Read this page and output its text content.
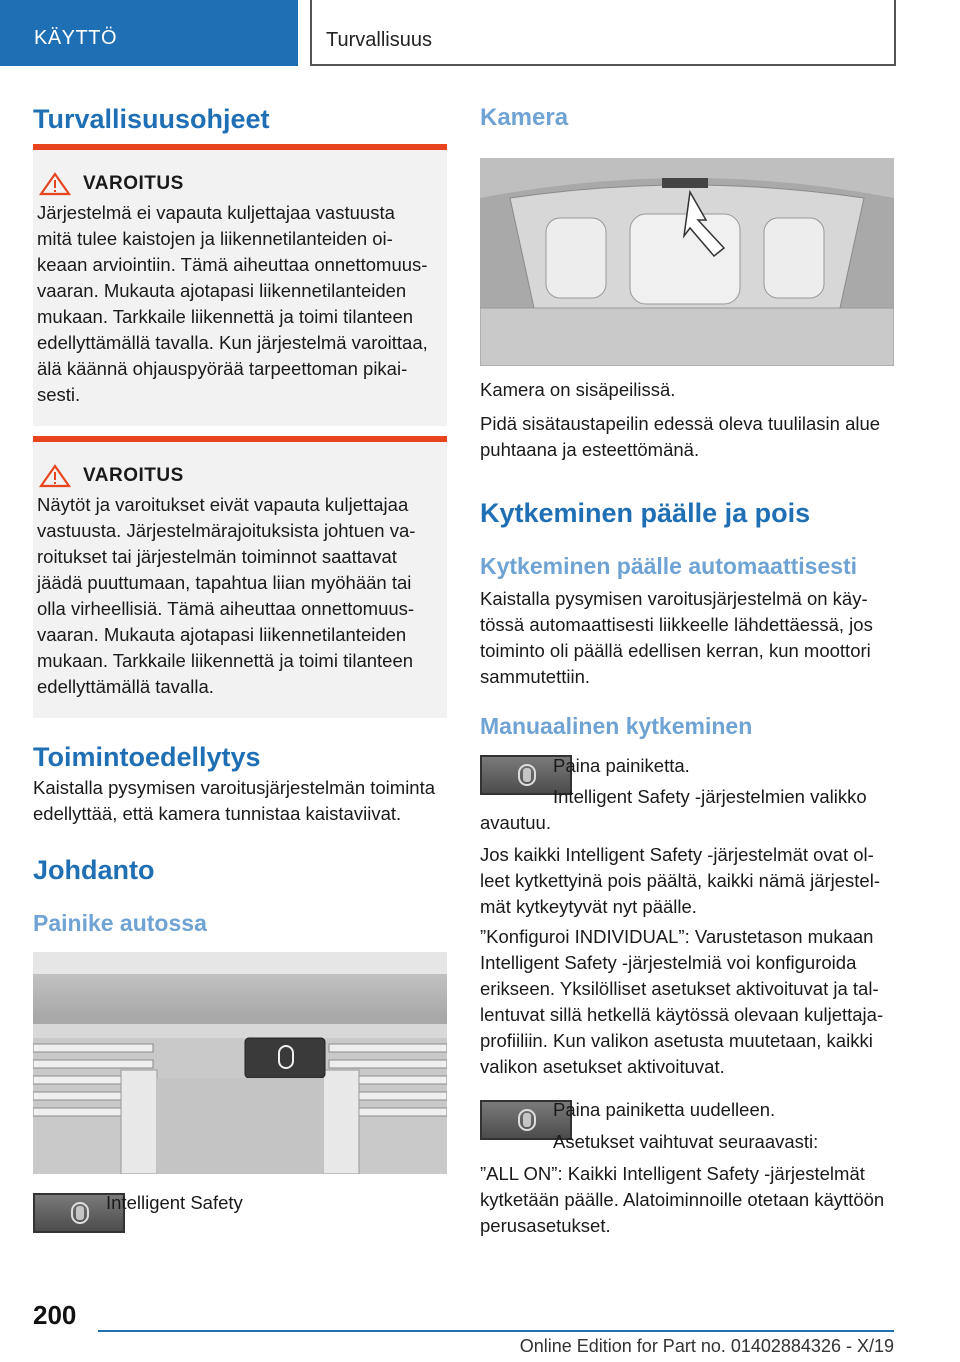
KÄYTTÖ	Turvallisuus
Turvallisuusohjeet
VAROITUS
Järjestelmä ei vapauta kuljettajaa vastuusta
mitä tulee kaistojen ja liikennetilanteiden oi-
keaan arviointiin. Tämä aiheuttaa onnettomuus-
vaaran. Mukauta ajotapasi liikennetilanteiden
mukaan. Tarkkaile liikennettä ja toimi tilanteen
edellyttämällä tavalla. Kun järjestelmä varoittaa,
älä käännä ohjauspyörää tarpeettoman pikai-
sesti.
VAROITUS
Näytöt ja varoitukset eivät vapauta kuljettajaa
vastuusta. Järjestelmärajoituksista johtuen va-
roitukset tai järjestelmän toiminnot saattavat
jäädä puuttumaan, tapahtua liian myöhään tai
olla virheellisiä. Tämä aiheuttaa onnettomuus-
vaaran. Mukauta ajotapasi liikennetilanteiden
mukaan. Tarkkaile liikennettä ja toimi tilanteen
edellyttämällä tavalla.
Toimintoedellytys
Kaistalla pysymisen varoitusjärjestelmän toiminta
edellyttää, että kamera tunnistaa kaistaviivat.
Johdanto
Painike autossa
Intelligent Safety
Kamera
Kamera on sisäpeilissä.
Pidä sisätaustapeilin edessä oleva tuulilasin alue
puhtaana ja esteettömänä.
Kytkeminen päälle ja pois
Kytkeminen päälle automaattisesti
Kaistalla pysymisen varoitusjärjestelmä on käy-
tössä automaattisesti liikkeelle lähdettäessä, jos
toiminto oli päällä edellisen kerran, kun moottori
sammutettiin.
Manuaalinen kytkeminen
Paina painiketta.
Intelligent Safety -järjestelmien valikko
avautuu.
Jos kaikki Intelligent Safety -järjestelmät ovat ol-
leet kytkettyinä pois päältä, kaikki nämä järjestel-
mät kytkeytyvät nyt päälle.
”Konfiguroi INDIVIDUAL”: Varustetason mukaan
Intelligent Safety -järjestelmiä voi konfiguroida
erikseen. Yksilölliset asetukset aktivoituvat ja tal-
lentuvat sillä hetkellä käytössä olevaan kuljettaja-
profiiliin. Kun valikon asetusta muutetaan, kaikki
valikon asetukset aktivoituvat.
Paina painiketta uudelleen.
Asetukset vaihtuvat seuraavasti:
”ALL ON”: Kaikki Intelligent Safety -järjestelmät
kytketään päälle. Alatoiminnoille otetaan käyttöön
perusasetukset.
200
Online Edition for Part no. 01402884326 - X/19
